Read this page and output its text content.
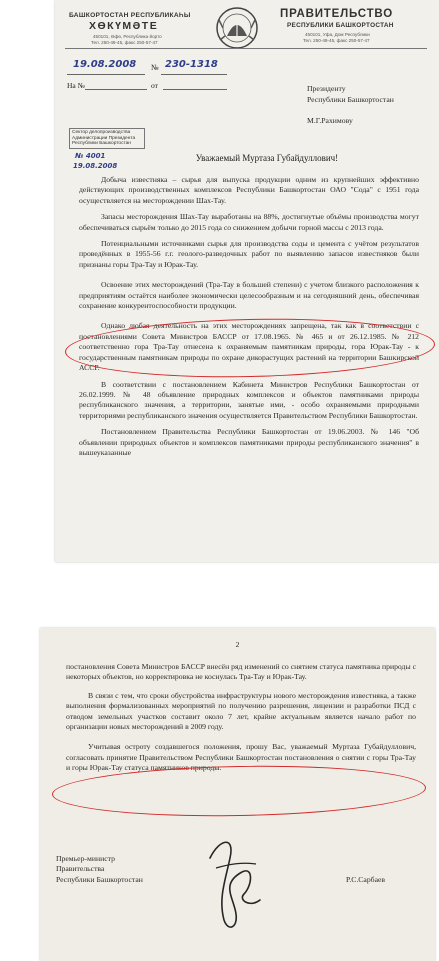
БАШКОРТОСТАН РЕСПУБЛИКАҺЫ
ХӨКҮМӘТЕ
450101, Өфө, Республика йорто
Тел. 250-49-45, факс 250-57-47
ПРАВИТЕЛЬСТВО
РЕСПУБЛИКИ БАШКОРТОСТАН
450101, Уфа, Дом Республики
Тел. 250-49-45, факс 250-57-47
19.08.2008 № 230-1318
На №	от	Президенту
Республики Башкортостан
М.Г.Рахимову
Сектор делопроизводства
Администрации Президента
Республики Башкортостан
№ 4001
19.08.2008
Уважаемый Муртаза Губайдуллович!

Добыча известняка – сырья для выпуска продукции одним из крупнейших эффективно действующих производственных комплексов Республики Башкортостан ОАО "Сода" с 1951 года осуществляется на месторождении Шах-Тау.

Запасы месторождения Шах-Тау выработаны на 88%, достигнутые объёмы производства могут обеспечиваться сырьём только до 2015 года со снижением добычи горной массы с 2013 года.

Потенциальными источниками сырья для производства соды и цемента с учётом результатов проведённых в 1955-56 г.г. геолого-разведочных работ по выявлению запасов известняков были признаны горы Тра-Тау и Юрак-Тау.

Освоение этих месторождений (Тра-Тау в большей степени) с учетом близкого расположения к предприятиям остаётся наиболее экономически целесообразным и на сегодняшний день, обеспечивая сохранение конкурентоспособности продукции.

Однако любая деятельность на этих месторождениях запрещена, так как в соответствии с постановлениями Совета Министров БАССР от 17.08.1965. № 465 и от 26.12.1985. № 212 соответственно гора Тра-Тау отнесена к охраняемым памятникам природы, гора Юрак-Тау - к государственным памятникам природы по охране дикорастущих растений на территории Башкирской АССР.

В соответствии с постановлением Кабинета Министров Республики Башкортостан от 26.02.1999. № 48 объявление природных комплексов и объектов памятниками природы республиканского значения, а территории, занятые ими, - особо охраняемыми природными территориями республиканского значения осуществляется Правительством Республики Башкортостан.

Постановлением Правительства Республики Башкортостан от 19.06.2003. № 146 "Об объявлении природных объектов и комплексов памятниками природы республиканского значения" в вышеуказанные

2

постановления Совета Министров БАССР внесён ряд изменений со снятием статуса памятника природы с некоторых объектов, но корректировка не коснулась Тра-Тау и Юрак-Тау.

В связи с тем, что сроки обустройства инфраструктуры нового месторождения известняка, а также выполнения формализованных мероприятий по получению разрешения, лицензии и разработки ПСД с отводом земельных участков составит около 7 лет, крайне актуальным является начало работ по организации новых месторождений в 2009 году.

Учитывая остроту создавшегося положения, прошу Вас, уважаемый Муртаза Губайдуллович, согласовать принятие Правительством Республики Башкортостан постановления о снятии с горы Тра-Тау и горы Юрак-Тау статуса памятников природы.

Премьер-министр
Правительства
Республики Башкортостан	Р.С.Сарбаев
